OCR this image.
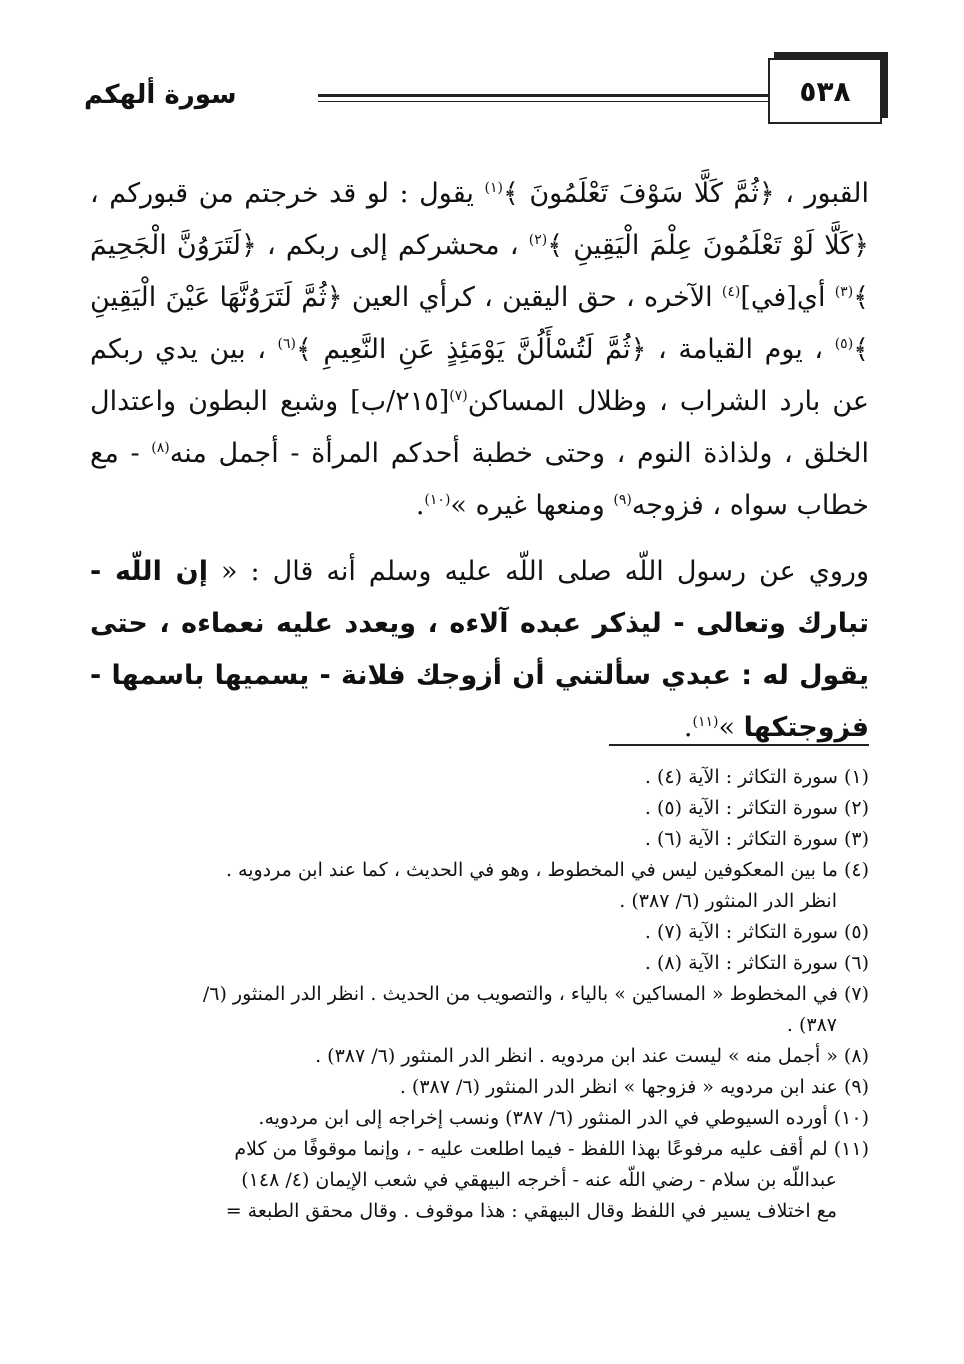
سورة ألهكم	٥٣٨

القبور ، ﴿ثُمَّ كَلَّا سَوْفَ تَعْلَمُونَ ﴾$^{(١)}$ يقول : لو قد خرجتم من قبوركم ، ﴿كَلَّا لَوْ تَعْلَمُونَ عِلْمَ الْيَقِينِ ﴾$^{(٢)}$ ، محشركم إلى ربكم ، ﴿لَتَرَوُنَّ الْجَحِيمَ ﴾$^{(٣)}$ أي[في]$^{(٤)}$ الآخره ، حق اليقين ، كرأي العين ﴿ثُمَّ لَتَرَوُنَّهَا عَيْنَ الْيَقِينِ ﴾$^{(٥)}$ ، يوم القيامة ، ﴿ثُمَّ لَتُسْأَلُنَّ يَوْمَئِذٍ عَنِ النَّعِيمِ ﴾$^{(٦)}$ ، بين يدي ربكم عن بارد الشراب ، وظلال المساكن$^{(٧)}$[٢١٥/ب] وشبع البطون واعتدال الخلق ، ولذاذة النوم ، وحتى خطبة أحدكم المرأة - أجمل منه$^{(٨)}$ - مع خطاب سواه ، فزوجه$^{(٩)}$ ومنعها غيره »$^{(١٠)}$.

وروي عن رسول اللّه صلى اللّه عليه وسلم أنه قال : « إن اللّه - تبارك وتعالى - ليذكر عبده آلاءه ، ويعدد عليه نعماءه ، حتى يقول له : عبدي سألتني أن أزوجك فلانة - يسميها باسمها - فزوجتكها »$^{(١١)}$.

(١) سورة التكاثر : الآية (٤) .

(٢) سورة التكاثر : الآية (٥) .

(٣) سورة التكاثر : الآية (٦) .

(٤) ما بين المعكوفين ليس في المخطوط ، وهو في الحديث ، كما عند ابن مردويه .

انظر الدر المنثور (٦/ ٣٨٧) .

(٥) سورة التكاثر : الآية (٧) .

(٦) سورة التكاثر : الآية (٨) .

(٧) في المخطوط « المساكين » بالياء ، والتصويب من الحديث . انظر الدر المنثور (٦/

٣٨٧) .

(٨) « أجمل منه » ليست عند ابن مردويه . انظر الدر المنثور (٦/ ٣٨٧) .

(٩) عند ابن مردويه « فزوجها » انظر الدر المنثور (٦/ ٣٨٧) .

(١٠) أورده السيوطي في الدر المنثور (٦/ ٣٨٧) ونسب إخراجه إلى ابن مردويه.

(١١) لم أقف عليه مرفوعًا بهذا اللفظ - فيما اطلعت عليه - ، وإنما موقوفًا من كلام

عبداللّه بن سلام - رضي اللّه عنه - أخرجه البيهقي في شعب الإيمان (٤/ ١٤٨)

مع اختلاف يسير في اللفظ وقال البيهقي : هذا موقوف . وقال محقق الطبعة =
